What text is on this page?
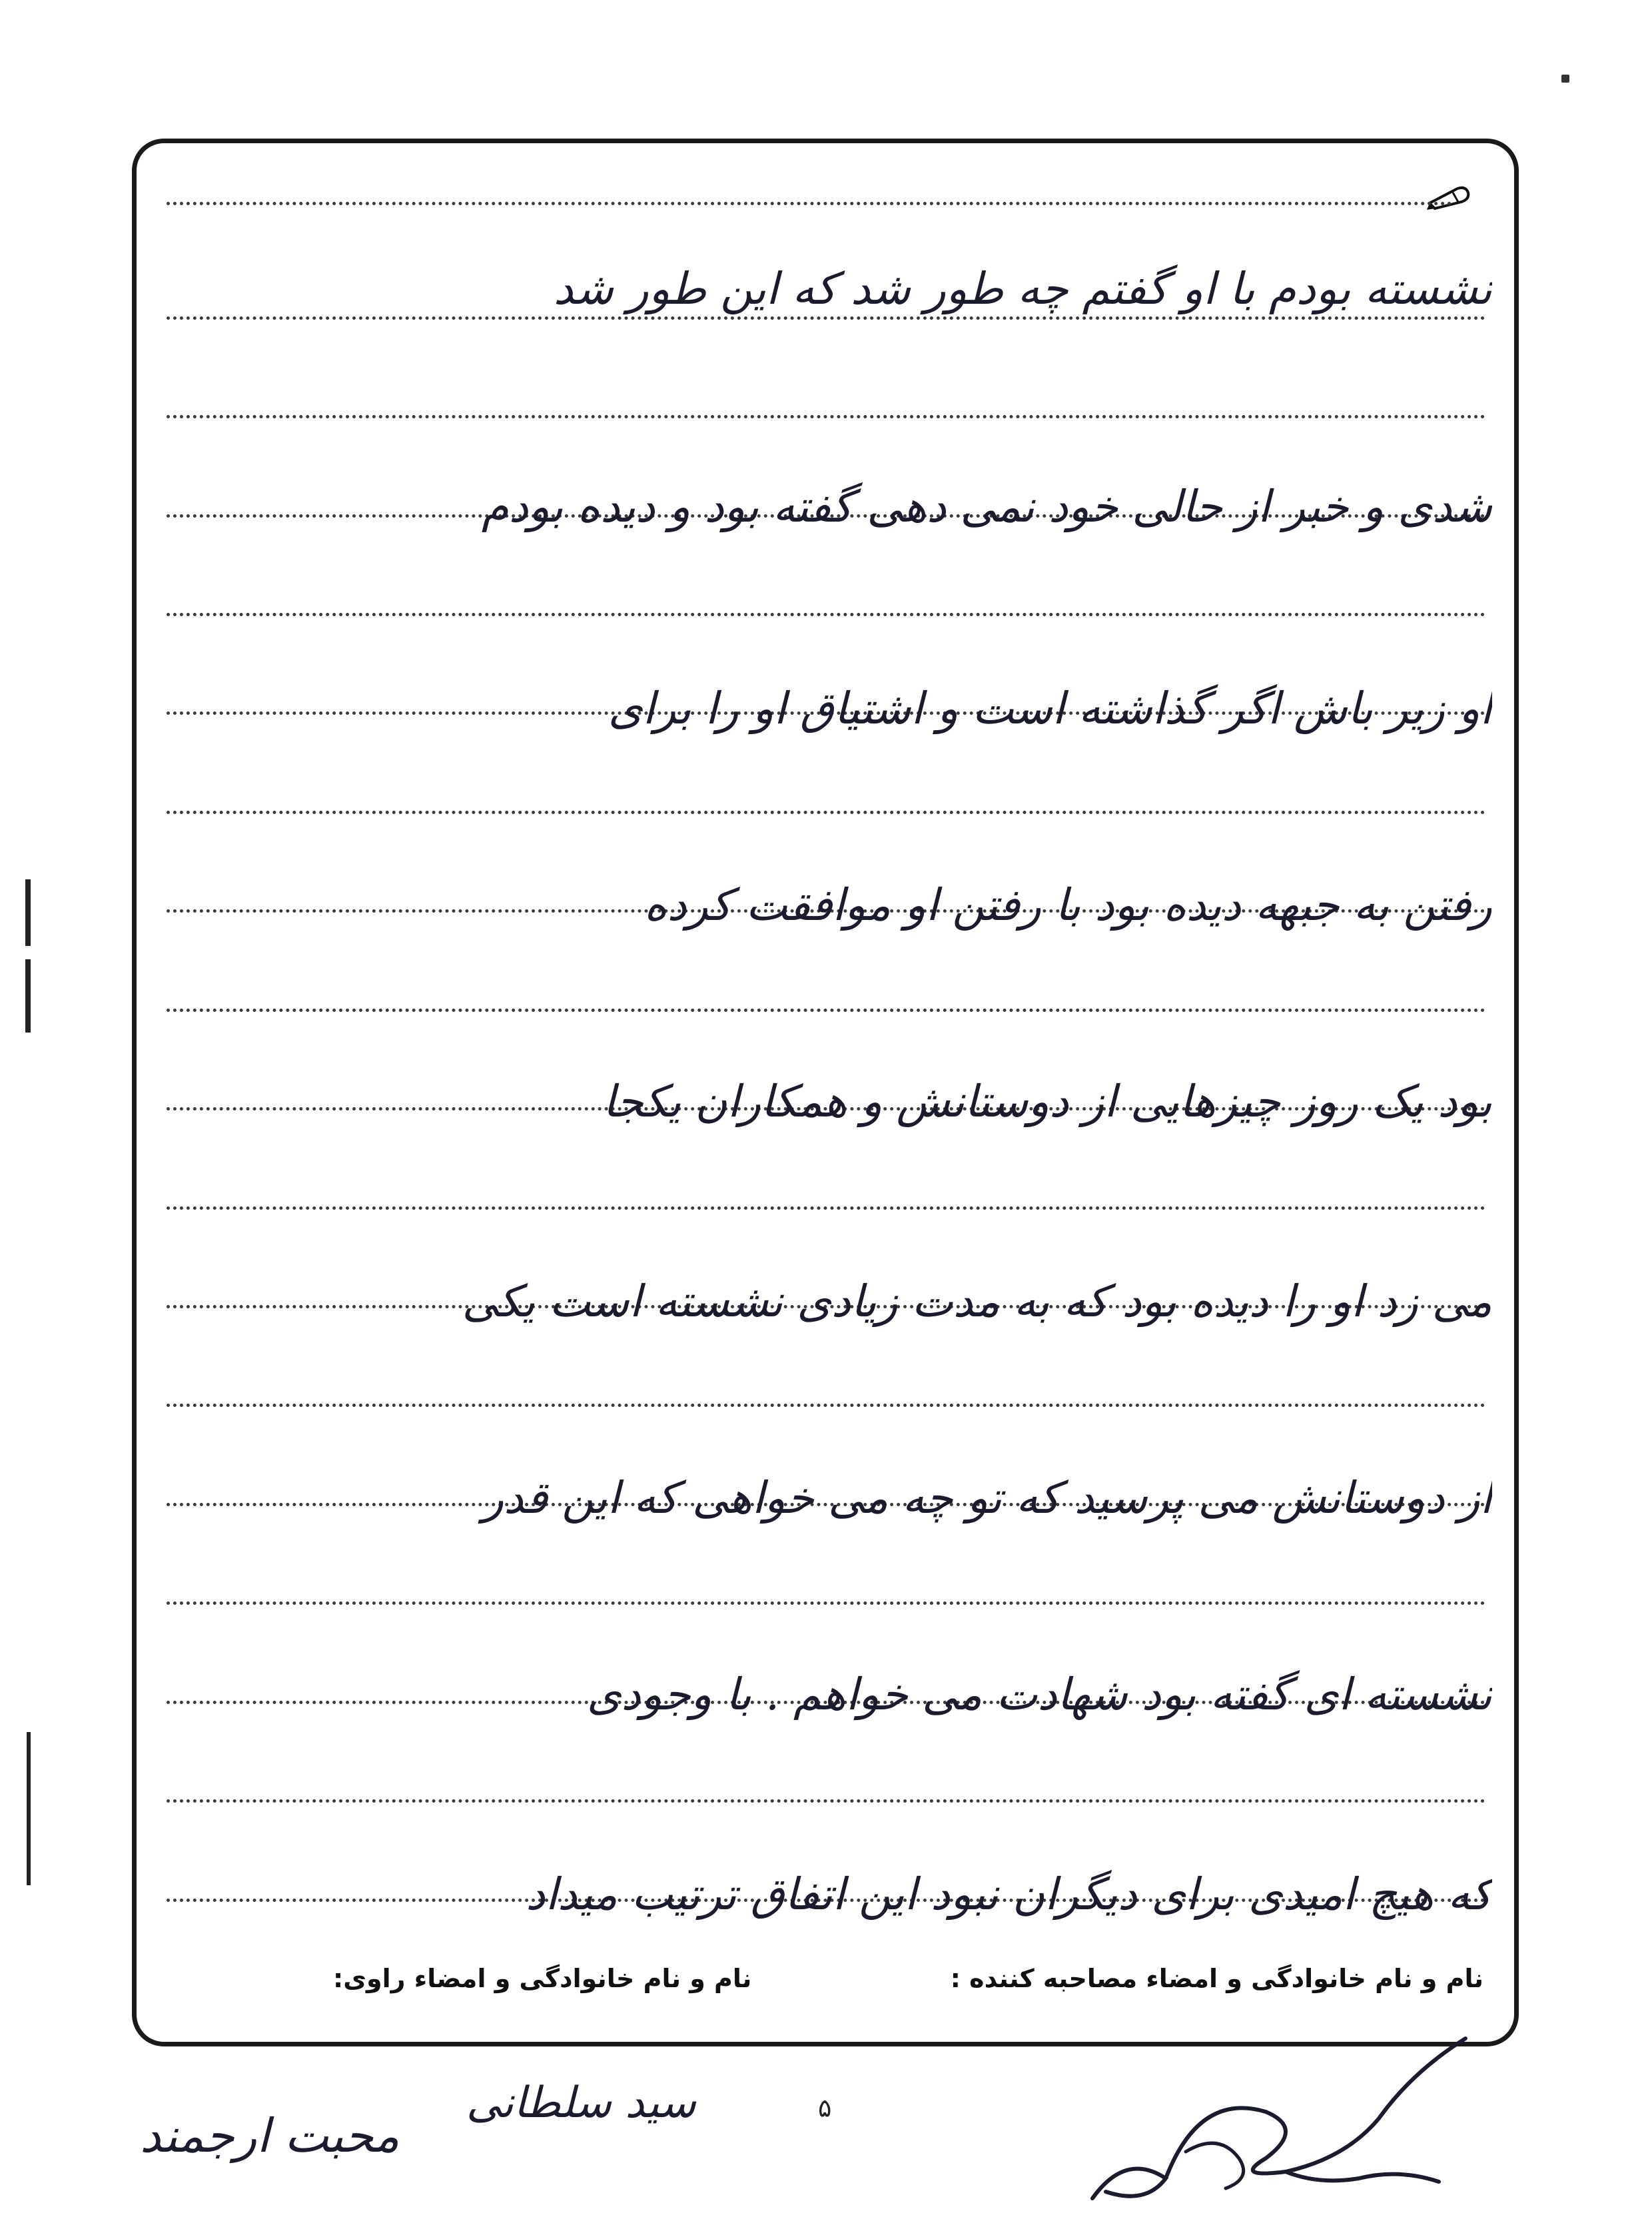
نشسته بودم با او گفتم چه طور شد که این طور شد
شدی و خبر از حالی خود نمی دهی گفته بود و دیده بودم
او زیر باش اگر گذاشته است و اشتیاق او را برای
رفتن به جبهه دیده بود با رفتن او موافقت کرده
بود یک روز چیزهایی از دوستانش و همکاران یکجا
می زد او را دیده بود که به مدت زیادی نشسته است یکی
از دوستانش می پرسید که تو چه می خواهی که این قدر
نشسته ای گفته بود شهادت می خواهم . با وجودی
که هیچ امیدی برای دیگران نبود این اتفاق ترتیب میداد
نام و نام خانوادگی و امضاء مصاحبه کننده :
نام و نام خانوادگی و امضاء راوی:
۵
محبت ارجمند
سید سلطانی
